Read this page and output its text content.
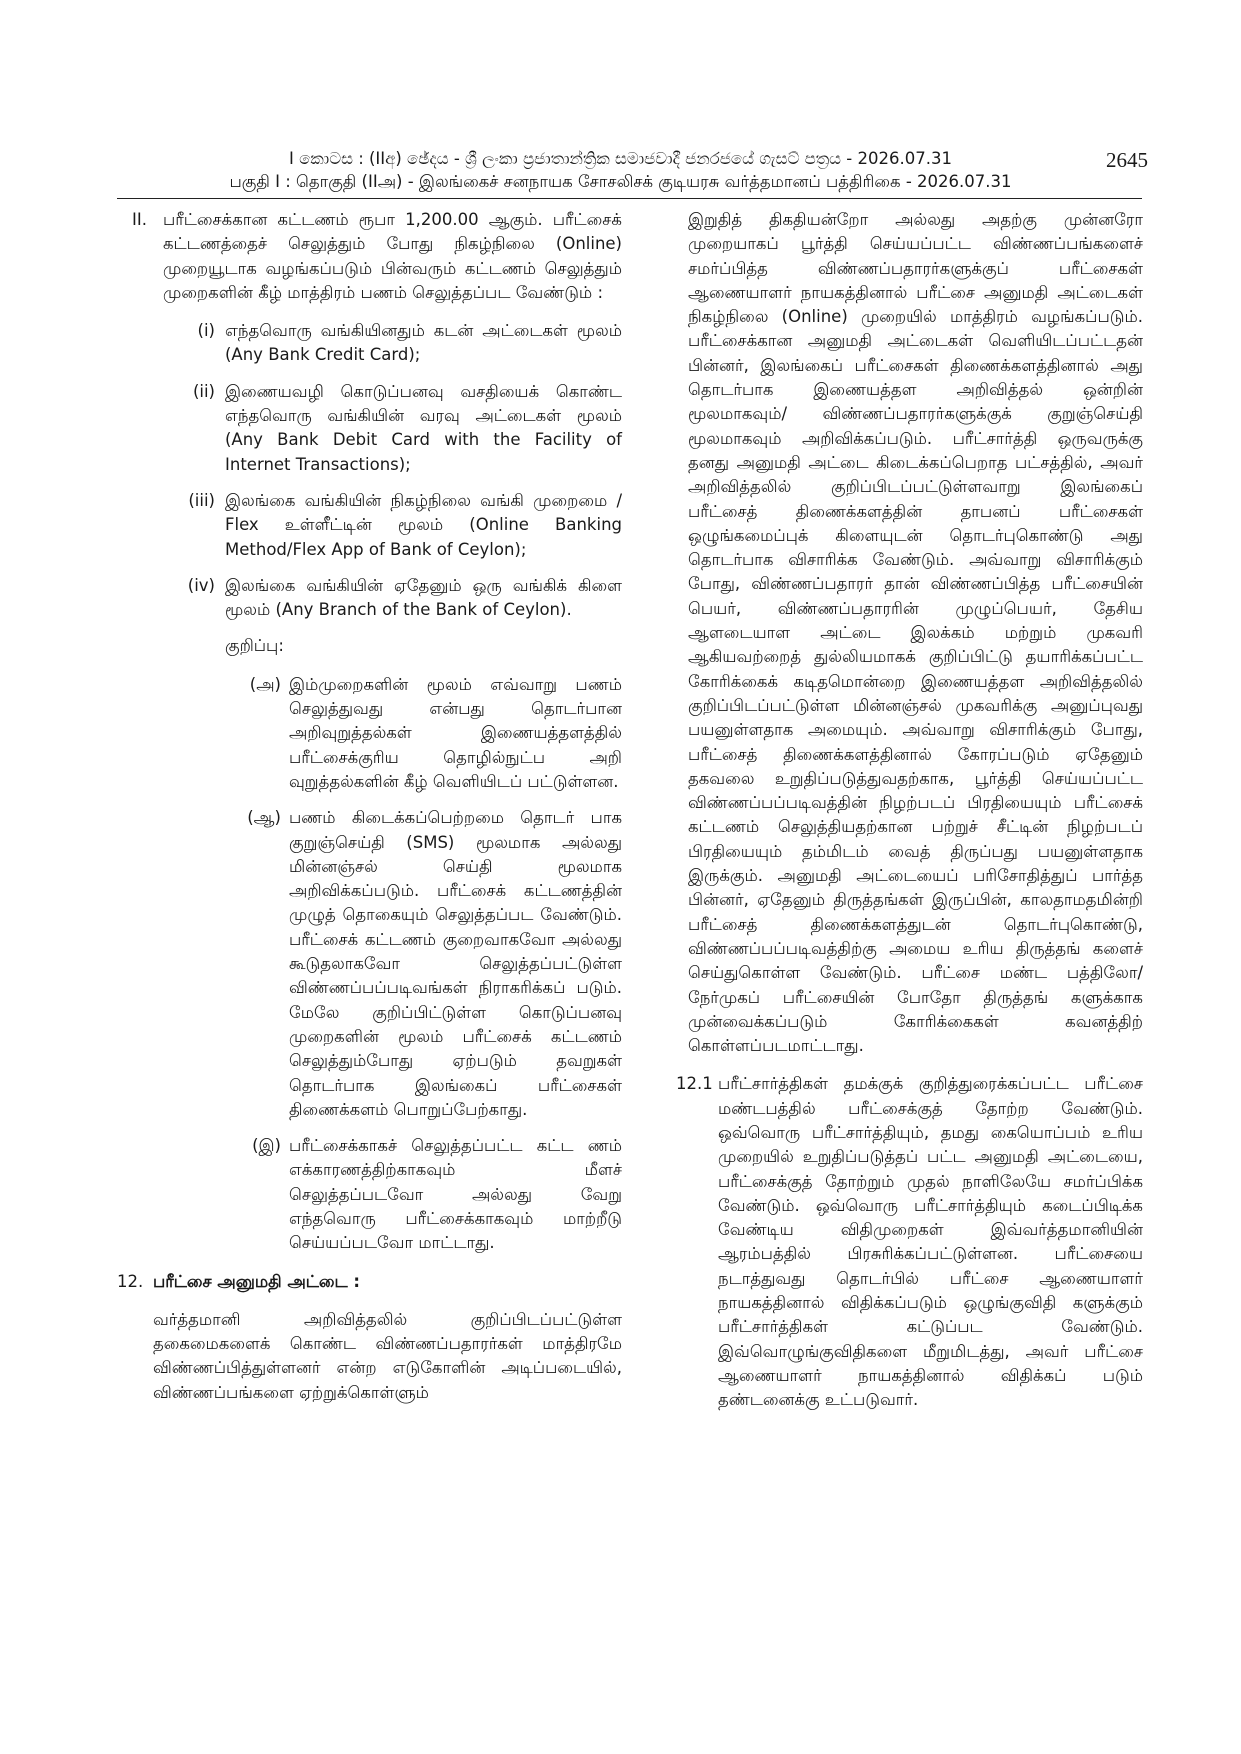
I කොටස : (IIඅ) ඡේදය - ශ්‍රී ලංකා ප්‍රජාතාන්ත්‍රික සමාජවාදී ජනරජයේ ගැසට් පත්‍රය - 2026.07.31
பகுதி I : தொகுதி (IIஅ) - இலங்கைச் சனநாயக சோசலிசக் குடியரசு வர்த்தமானப் பத்திரிகை - 2026.07.31
2645
II. பரீட்சைக்கான கட்டணம் ரூபா 1,200.00 ஆகும். பரீட்சைக் கட்டணத்தைச் செலுத்தும் போது நிகழ்நிலை (Online) முறையூடாக வழங்கப்படும் பின்வரும் கட்டணம் செலுத்தும் முறைகளின் கீழ் மாத்திரம் பணம் செலுத்தப்பட வேண்டும் :

(i) எந்தவொரு வங்கியினதும் கடன் அட்டைகள் மூலம் (Any Bank Credit Card);

(ii) இணையவழி கொடுப்பனவு வசதியைக் கொண்ட எந்தவொரு வங்கியின் வரவு அட்டைகள் மூலம் (Any Bank Debit Card with the Facility of Internet Transactions);

(iii) இலங்கை வங்கியின் நிகழ்நிலை வங்கி முறைமை / Flex உள்ளீட்டின் மூலம் (Online Banking Method/Flex App of Bank of Ceylon);

(iv) இலங்கை வங்கியின் ஏதேனும் ஒரு வங்கிக் கிளை மூலம் (Any Branch of the Bank of Ceylon).

குறிப்பு:
(அ) இம்முறைகளின் மூலம் எவ்வாறு பணம் செலுத்துவது என்பது தொடர்பான அறிவுறுத்தல்கள் இணையத்தளத்தில் பரீட்சைக்குரிய தொழில்நுட்ப அறி வுறுத்தல்களின் கீழ் வெளியிடப் பட்டுள்ளன.

(ஆ) பணம் கிடைக்கப்பெற்றமை தொடர் பாக குறுஞ்செய்தி (SMS) மூலமாக அல்லது மின்னஞ்சல் செய்தி மூலமாக அறிவிக்கப்படும். பரீட்சைக் கட்டணத்தின் முழுத் தொகையும் செலுத்தப்பட வேண்டும். பரீட்சைக் கட்டணம் குறைவாகவோ அல்லது கூடுதலாகவோ செலுத்தப்பட்டுள்ள விண்ணப்பப்படிவங்கள் நிராகரிக்கப் படும். மேலே குறிப்பிட்டுள்ள கொடுப்பனவு முறைகளின் மூலம் பரீட்சைக் கட்டணம் செலுத்தும்போது ஏற்படும் தவறுகள் தொடர்பாக இலங்கைப் பரீட்சைகள் திணைக்களம் பொறுப்பேற்காது.

(இ) பரீட்சைக்காகச் செலுத்தப்பட்ட கட்ட ணம் எக்காரணத்திற்காகவும் மீளச் செலுத்தப்படவோ அல்லது வேறு எந்தவொரு பரீட்சைக்காகவும் மாற்றீடு செய்யப்படவோ மாட்டாது.

12. பரீட்சை அனுமதி அட்டை :

வர்த்தமானி அறிவித்தலில் குறிப்பிடப்பட்டுள்ள தகைமைகளைக் கொண்ட விண்ணப்பதாரர்கள் மாத்திரமே விண்ணப்பித்துள்ளனர் என்ற எடுகோளின் அடிப்படையில், விண்ணப்பங்களை ஏற்றுக்கொள்ளும்

இறுதித் திகதியன்றோ அல்லது அதற்கு முன்னரோ முறையாகப் பூர்த்தி செய்யப்பட்ட விண்ணப்பங்களைச் சமர்ப்பித்த விண்ணப்பதாரர்களுக்குப் பரீட்சைகள் ஆணையாளர் நாயகத்தினால் பரீட்சை அனுமதி அட்டைகள் நிகழ்நிலை (Online) முறையில் மாத்திரம் வழங்கப்படும். பரீட்சைக்கான அனுமதி அட்டைகள் வெளியிடப்பட்டதன் பின்னர், இலங்கைப் பரீட்சைகள் திணைக்களத்தினால் அது தொடர்பாக இணையத்தள அறிவித்தல் ஒன்றின் மூலமாகவும்/ விண்ணப்பதாரர்களுக்குக் குறுஞ்செய்தி மூலமாகவும் அறிவிக்கப்படும். பரீட்சார்த்தி ஒருவருக்கு தனது அனுமதி அட்டை கிடைக்கப்பெறாத பட்சத்தில், அவர் அறிவித்தலில் குறிப்பிடப்பட்டுள்ளவாறு இலங்கைப் பரீட்சைத் திணைக்களத்தின் தாபனப் பரீட்சைகள் ஒழுங்கமைப்புக் கிளையுடன் தொடர்புகொண்டு அது தொடர்பாக விசாரிக்க வேண்டும். அவ்வாறு விசாரிக்கும் போது, விண்ணப்பதாரர் தான் விண்ணப்பித்த பரீட்சையின் பெயர், விண்ணப்பதாரரின் முழுப்பெயர், தேசிய ஆளடையாள அட்டை இலக்கம் மற்றும் முகவரி ஆகியவற்றைத் துல்லியமாகக் குறிப்பிட்டு தயாரிக்கப்பட்ட கோரிக்கைக் கடிதமொன்றை இணையத்தள அறிவித்தலில் குறிப்பிடப்பட்டுள்ள மின்னஞ்சல் முகவரிக்கு அனுப்புவது பயனுள்ளதாக அமையும். அவ்வாறு விசாரிக்கும் போது, பரீட்சைத் திணைக்களத்தினால் கோரப்படும் ஏதேனும் தகவலை உறுதிப்படுத்துவதற்காக, பூர்த்தி செய்யப்பட்ட விண்ணப்பப்படிவத்தின் நிழற்படப் பிரதியையும் பரீட்சைக் கட்டணம் செலுத்தியதற்கான பற்றுச் சீட்டின் நிழற்படப் பிரதியையும் தம்மிடம் வைத் திருப்பது பயனுள்ளதாக இருக்கும். அனுமதி அட்டையைப் பரிசோதித்துப் பார்த்த பின்னர், ஏதேனும் திருத்தங்கள் இருப்பின், காலதாமதமின்றி பரீட்சைத் திணைக்களத்துடன் தொடர்புகொண்டு, விண்ணப்பப்படிவத்திற்கு அமைய உரிய திருத்தங் களைச் செய்துகொள்ள வேண்டும். பரீட்சை மண்ட பத்திலோ/ நேர்முகப் பரீட்சையின் போதோ திருத்தங் களுக்காக முன்வைக்கப்படும் கோரிக்கைகள் கவனத்திற் கொள்ளப்படமாட்டாது.

12.1 பரீட்சார்த்திகள் தமக்குக் குறித்துரைக்கப்பட்ட பரீட்சை மண்டபத்தில் பரீட்சைக்குத் தோற்ற வேண்டும். ஒவ்வொரு பரீட்சார்த்தியும், தமது கையொப்பம் உரிய முறையில் உறுதிப்படுத்தப் பட்ட அனுமதி அட்டையை, பரீட்சைக்குத் தோற்றும் முதல் நாளிலேயே சமர்ப்பிக்க வேண்டும். ஒவ்வொரு பரீட்சார்த்தியும் கடைப்பிடிக்க வேண்டிய விதிமுறைகள் இவ்வர்த்தமானியின் ஆரம்பத்தில் பிரசுரிக்கப்பட்டுள்ளன. பரீட்சையை நடாத்துவது தொடர்பில் பரீட்சை ஆணையாளர் நாயகத்தினால் விதிக்கப்படும் ஒழுங்குவிதி களுக்கும் பரீட்சார்த்திகள் கட்டுப்பட வேண்டும். இவ்வொழுங்குவிதிகளை மீறுமிடத்து, அவர் பரீட்சை ஆணையாளர் நாயகத்தினால் விதிக்கப் படும் தண்டனைக்கு உட்படுவார்.
